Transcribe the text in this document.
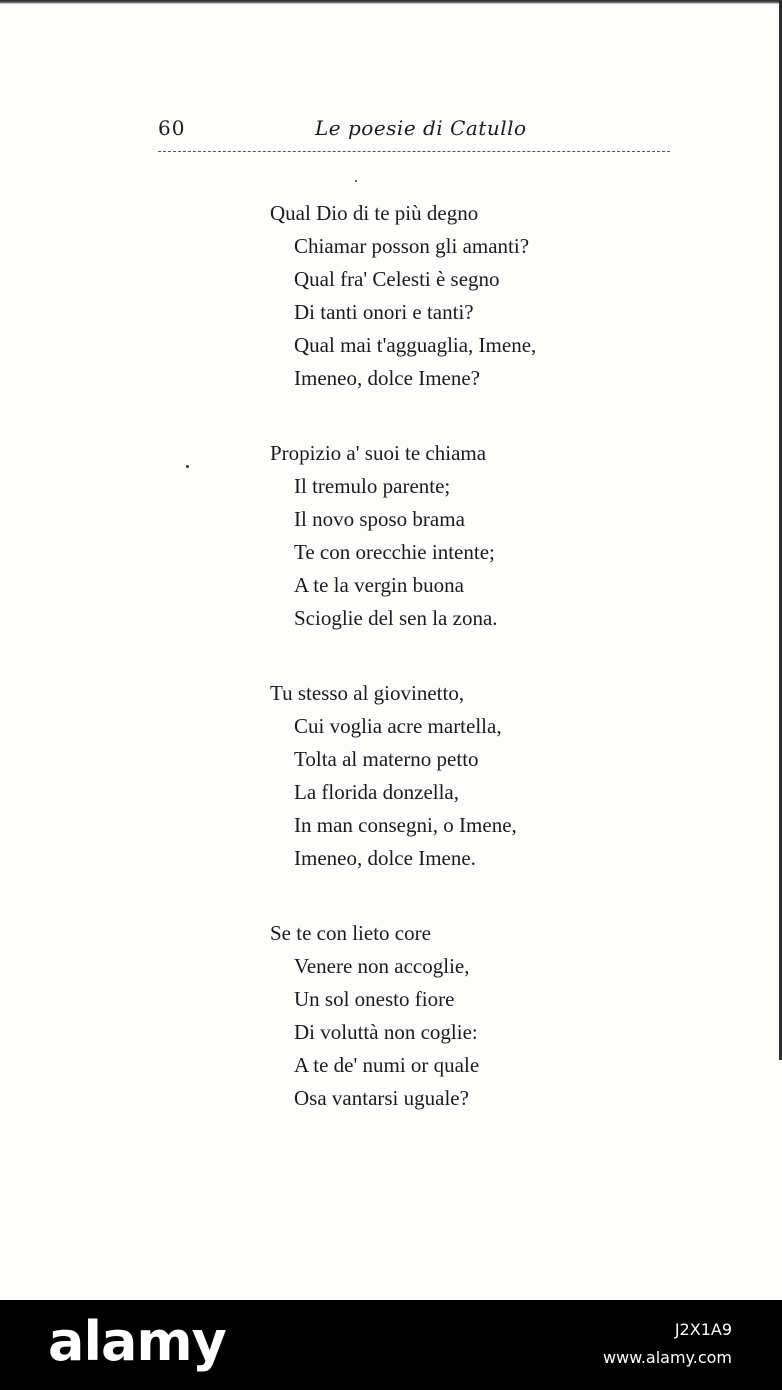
60	Le poesie di Catullo
Qual Dio di te più degno
Chiamar posson gli amanti?
Qual fra' Celesti è segno
Di tanti onori e tanti?
Qual mai t'agguaglia, Imene,
Imeneo, dolce Imene?
Propizio a' suoi te chiama
Il tremulo parente;
Il novo sposo brama
Te con orecchie intente;
A te la vergin buona
Scioglie del sen la zona.
Tu stesso al giovinetto,
Cui voglia acre martella,
Tolta al materno petto
La florida donzella,
In man consegni, o Imene,
Imeneo, dolce Imene.
Se te con lieto core
Venere non accoglie,
Un sol onesto fiore
Di voluttà non coglie:
A te de' numi or quale
Osa vantarsi uguale?
alamy	J2X1A9
www.alamy.com
